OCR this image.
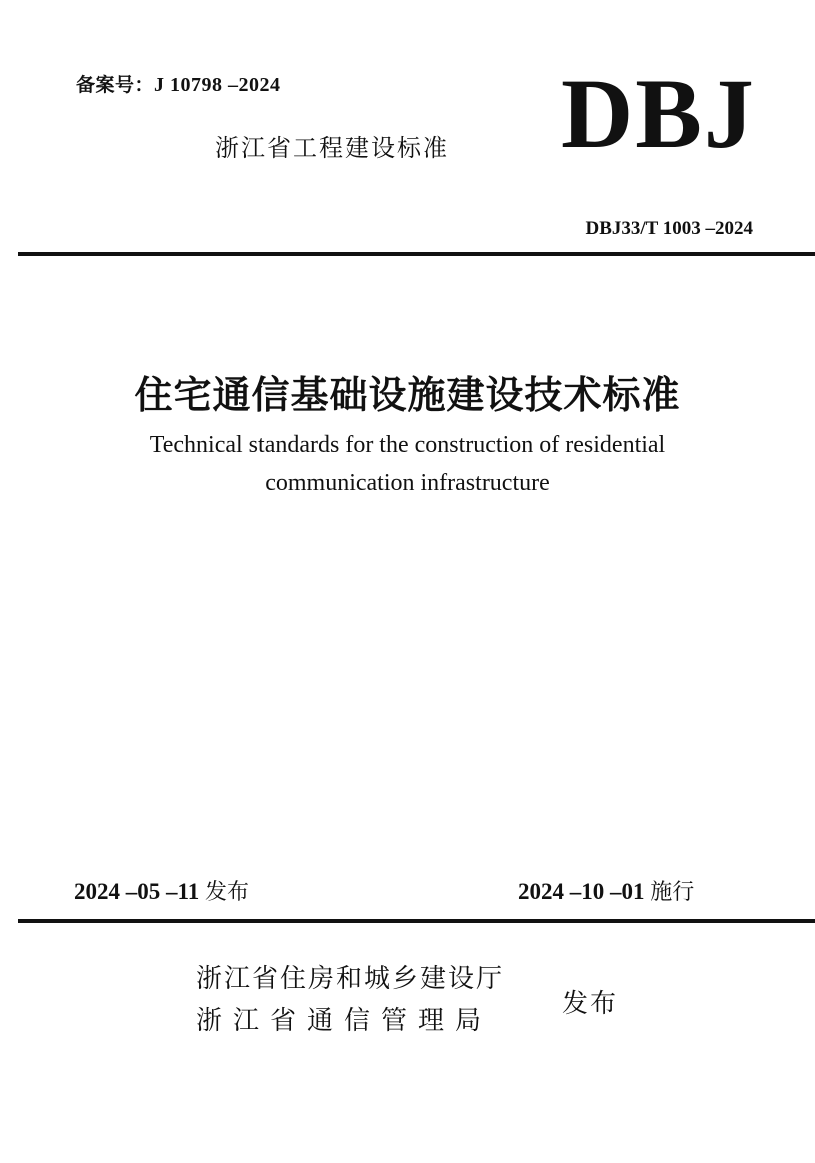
备案号：J 10798 –2024
浙江省工程建设标准 DBJ
DBJ33/T 1003 –2024
住宅通信基础设施建设技术标准
Technical standards for the construction of residential
communication infrastructure
2024 –05 –11 发布	2024 –10 –01 施行
浙江省住房和城乡建设厅
浙江省通信管理局
发布
